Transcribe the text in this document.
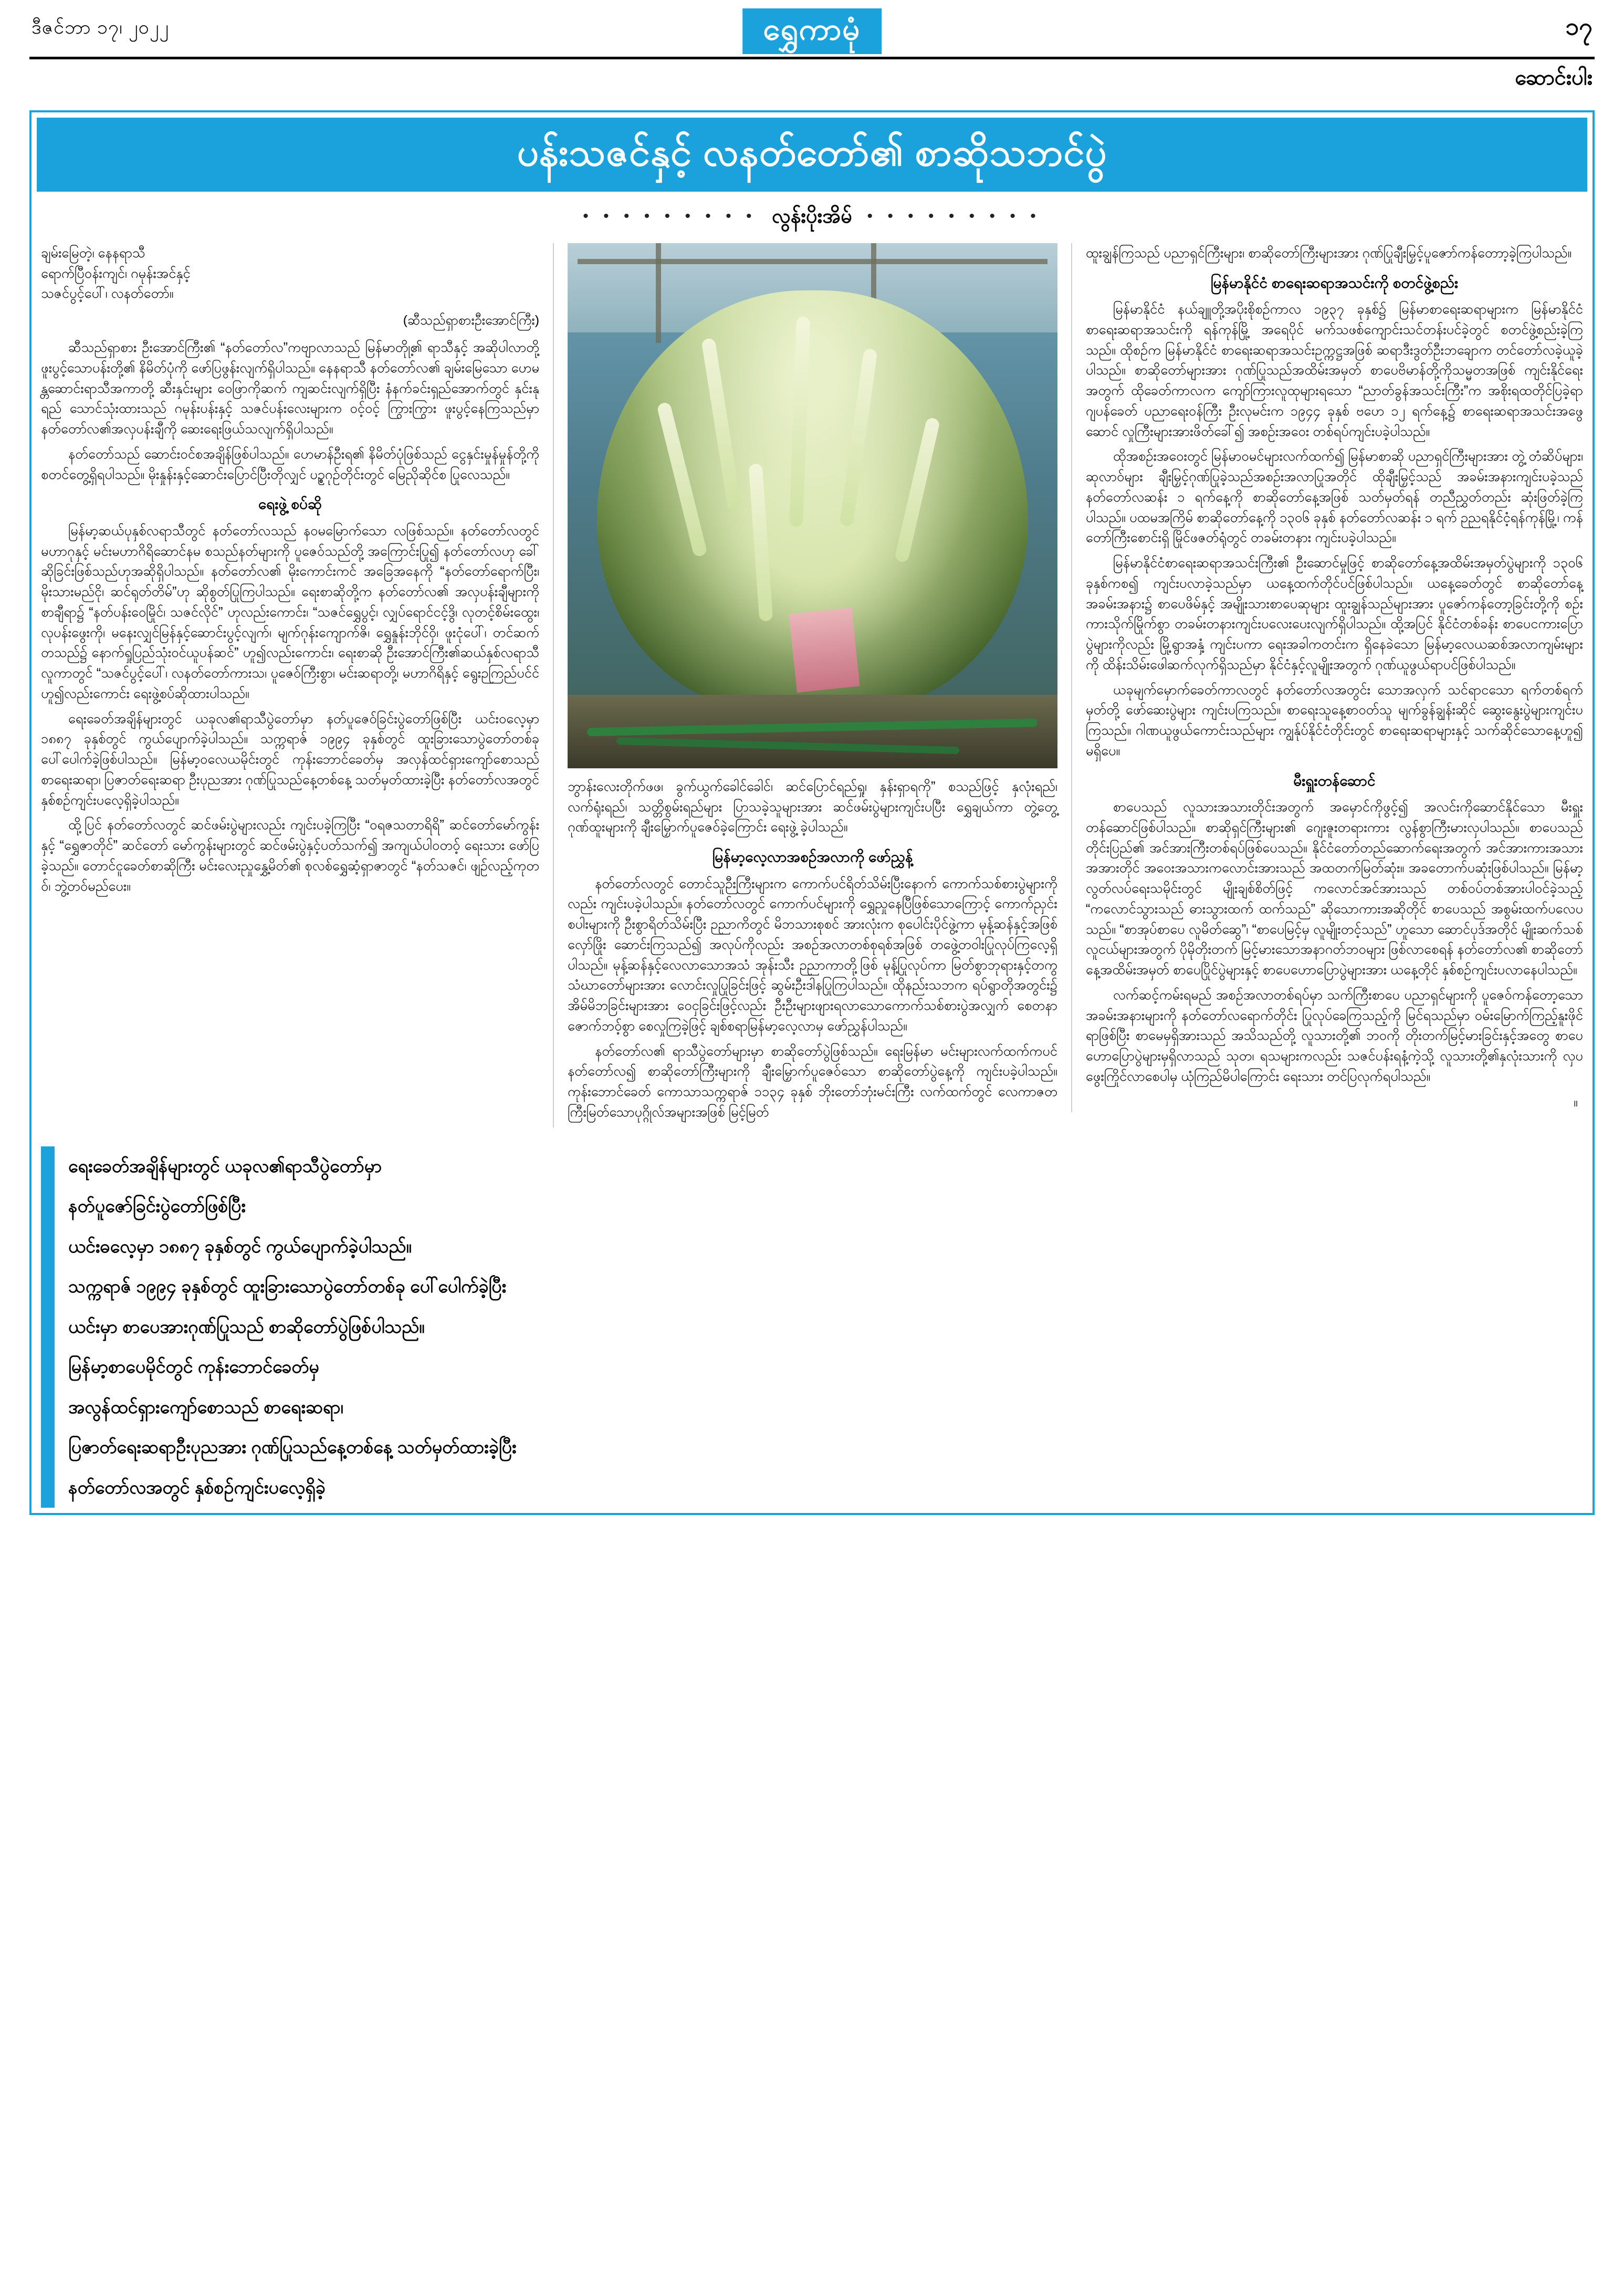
ဒီဇင်ဘာ ၁၇၊ ၂၀၂၂	ရွှေကာမုံ	၁၇
ဆောင်းပါး
ပန်းသဇင်နှင့် လနတ်တော်၏ စာဆိုသဘင်ပွဲ
• • • • • • • • • လွန်းပိုးအိမ် • • • • • • • • •
ချမ်းမြေတဲ့၊ နေနရာသီ
ရောက်ပြီဝန်းကျင်၊ ဂမုန်းအင်နှင့်
သဇင်ပွင့်ပေါ်၊ လနတ်တော်။
(ဆီသည်ရှာစားဦးအောင်ကြီး)

ဆီသည်ရှာစား ဦးအောင်ကြီး၏ “နတ်တော်လ”ကဗျာလာသည် မြန်မာတိုု့၏ ရာသီနှင့် အဆိုပါလာတို့ ဖူးပွင့်သောပန်းတို့၏ နိမိတ်ပုံကို ဖော်ပြဖွန်းလျက်ရှိပါသည်။ နေနရာသီ နတ်တော်လ၏ ချမ်းမြေသော ဟေမန္တဆောင်းရာသီအကာတို့ ဆီးနှင်းများ ဝေဖြာကိုဆက် ကျဆင်းလျက်ရှိပြီး နံနက်ခင်းရှည်အောက်တွင် နှင်းနုရည် သောင်သုံးထားသည် ဂမုန်းပန်းနှင့် သဇင်ပန်းလေးများက ဝင့်ဝင့် ကြွားကြွား ဖူးပွင့်နေကြသည်မှာ နတ်တော်လ၏အလှပန်းချီကို ဆေးရေးဖြယ်သလျက်ရှိပါသည်။

နတ်တော်သည် ဆောင်းဝင်စအချိန်ဖြစ်ပါသည်။ ဟေမာန်ဦးရ၏ နိမိတ်ပုံဖြစ်သည် ငွေနှင်းမှုန်မှုန်တို့ကို စတင်တွေ့ရှိရပါသည်။ မိုးနှုန်းနှင့်ဆောင်းပြောင်ပြီးတိုလျှင် ပဉ္စဂုဉ်တိုင်းတွင် မြေညိုဆိုင်စ ပြုလေသည်။

ရေးဖွဲ့ စပ်ဆို

မြန်မာ့ဆယ်ပုနှစ်လရာသီတွင် နတ်တော်လသည် နဝမမြောက်သော လဖြစ်သည်။ နတ်တော်လတွင် မဟာဂုနှင့် မင်းမဟာဂိရိဆောင်နမ စသည်နတ်များကို ပူဇေဝ်သည်တို့ အကြောင်းပြု၍ နတ်တော်လဟု ခေါ်ဆိုခြင်းဖြစ်သည်ဟုအဆိုရှိပါသည်။ နတ်တော်လ၏ မိုးကောင်းကင် အခြေအနေကို “နတ်တော်ရောက်ပြီး၊ မိုးသားမည်ငို၊ ဆင်ရုတ်တိမ်”ဟု ဆိုစွတ်ပြုကြပါသည်။ ရေးစာဆိုတို့က နတ်တော်လ၏ အလှပန်းချီများကို စာချီရာ၌ “နတ်ပန်းဝေမြိုင်၊ သဇင်လိုင်” ဟုလည်းကောင်း၊ “သဇင်ရွှေပွင့်၊ လျှပ်ရောင်ငင့်ဒွိ၊ လုတင့်စိမ်းထွေး၊ လုပန်းဖွေးကို၊ မနေးလျှင်မြန်နှင့်ဆောင်းပွင့်လျက်၊ မျက်ဂုန်းကျောက်ဇိ၊ ရွှေနှုန်းဘိုင်ဝှိ၊ ဖူးငုံပေါ်၊ တင်ဆက်တသည်၌ နောက်ရှုပြည်သုံးဝင်ယူပန်ဆင်” ဟူ၍လည်းကောင်း၊ ရေးစာဆို ဦးအောင်ကြီး၏ဆယ်နှစ်လရာသီ လူကာတွင် “သဇင်ပွင့်ပေါ်၊ လနတ်တော်ကားသ၊ ပူဇေဝ်ကြီးစွာ၊ မင်းဆရာတို့၊ မဟာဂိရိနှင့် ရွေးဉကြည်ပင်င် ဟူ၍လည်းကောင်း ရေးဖွဲ့စပ်ဆိုထားပါသည်။

ရေးခေတ်အချိန်များတွင် ယခုလ၏ရာသီပွဲတော်မှာ နတ်ပူဇေဝ်ခြင်းပွဲတော်ဖြစ်ပြီး ယင်းဝလေ့မှာ ၁၈၈၇ ခုနှစ်တွင် ကွယ်ပျောက်ခဲ့ပါသည်။ သက္ကရာဇ် ၁၉၉၄ ခုနှစ်တွင် ထူးခြားသောပွဲတော်တစ်ခု ပေါ်ပေါက်ခဲ့ဖြစ်ပါသည်။ မြန်မာ့ဝလေယမိုင်းတွင် ကုန်းဘောင်ခေတ်မှ အလှန်ထင်ရှားကျော်စောသည် စာရေးဆရာ၊ ပြဇာတ်ရေးဆရာ ဦးပုညအား ဂုဏ်ပြုသည်နေ့တစ်နေ့ သတ်မှတ်ထားခဲ့ပြီး နတ်တော်လအတွင် နှစ်စဉ်ကျင်းပလေ့ရှိခဲ့ပါသည်။

ထို့ပြင် နတ်တော်လတွင် ဆင်ဖမ်းပွဲများလည်း ကျင်းပခဲ့ကြပြီး “ဝရဇသတာရိရိ” ဆင်တော်မော်ကွန်းနှင့် “ရွှေဇာတိုင်” ဆင်တော် မော်ကွန်းများတွင် ဆင်ဖမ်းပွဲနှင့်ပတ်သက်၍ အကျယ်ပါဝတဝ့် ရေးသား ဖော်ပြခဲ့သည်။ တောင်ငူခေတ်စာဆိုကြီး မင်းလေးညှုနွှေ့မိတ်၏ စုလစ်ရွှေဆံ့ရှာဇာတွင် “နတ်သဇင်၊ ဖျဉ်လည့်ကုတဝ်၊ ဘွဲ့တဝ်မည်ပေး။

ဘွာန်းလေးတိုက်ဖဖ၊ ခွက်ယွက်ခေါင်ခေါင်၊ ဆင်ပြောင်ရည်ရှု၊ နှန်းရှာရကို” စသည်ဖြင့် နှလုံးရည်၊ လက်ရုံးရည်၊ သတ္တိစွမ်းရည်များ ပြာသခဲ့သူများအား ဆင်ဖမ်းပွဲများကျင်းပပြီး ရွှေချယ်ကာ တွဲ့တွေ့ဂုဏ်ထူးများကို ချီးမြှောက်ပူဇေဝ်ခဲ့ကြောင်း ရေးဖွဲ့ ခဲ့ပါသည်။

မြန်မာ့လေ့လာအစဉ်အလာကို ဖော်ညွှန့်

နတ်တော်လတွင် တောင်သူဉီးကြီးများက ကောက်ပင်ရိတ်သိမ်းပြီးနောက် ကောက်သစ်စားပွဲများကိုလည်း ကျင်းပခဲ့ပါသည်။ နတ်တော်လတွင် ကောက်ပင်များကို ရွှေညှုနေပြီဖြစ်သောကြောင့် ကောက်ညှင်းစပါးများကို ဦးစွာရိတ်သိမ်းပြီး ဉညာကိတွင် မိဘသားစုစင် အားလုံးက စုပေါင်းပိုင်ဖွဲ့ကာ မုန့်ဆန်နှင့်အဖြစ် လှော်ဖြိုး ဆောင်းကြသည်၍ အလုပ်ကိုလည်း အစဉ်အလာတစ်စုရစ်အဖြစ် တဖွေဲ့တဝါးပြုလုပ်ကြလေ့ရှိပါသည်။ မုန့်ဆန်နှင့်လေလာသောအသံ အုန်းသီး ဉညာကာတို့ဖြစ် မုန့်ပြုလုပ်ကာ မြတ်စွာဘုရားနှင့်တကွ သံဃာတော်များအား လောင်းလှုပြုခြင်းဖြင့် ဆွမ်းဦးဒါနပြုကြပါသည်။ ထိုနည်းသဘက ရပ်ရွာတိုအတွင်း၌ အိမ်မိဘခြင်းများအား ဝေငှခြင်းဖြင့်လည်း ဦးဦးများဖျားရလာသောကောက်သစ်စားပွဲအလျှက် စေတနာဇောက်ဘဝ့်စွာ စေလှုကြခဲ့ဖြင့် ချစ်စရာမြန်မာ့လေ့လာမှ ဖော်ညွှန်ပါသည်။

နတ်တော်လ၏ ရာသီပွဲတော်များမှာ စာဆိုတော်ပွဲဖြစ်သည်။ ရေးမြန်မာ မင်းများလက်ထက်ကပင် နတ်တော်လ၍ စာဆိုတော်ကြီးများကို ချီးမြှောက်ပူဇေဝ်သော စာဆိုတော်ပွဲနေ့ကို ကျင်းပခဲ့ပါသည်။ ကုန်းဘောင်ခေတ် ကောသာသက္ကရာဇ် ၁၁၃၄ ခုနှစ် ဘိုးတော်ဘုံးမင်းကြီး လက်ထက်တွင် လေကာဇတ ကြီးမြတ်သောပုဂ္ဂိုလ်အများအဖြစ် မြင့်မြတ်

ထူးချွန်ကြသည် ပညာရှင်ကြီးများ၊ စာဆိုတော်ကြီးများအား ဂုဏ်ပြုချီးမြှင့်ပူဇောာ်ကန်တောာ့ခဲ့ကြပါသည်။

မြန်မာနိုင်ငံ စာရေးဆရာအသင်းကို စတင်ဖွဲ့စည်း

မြန်မာနိုင်ငံ နယ်ချူတို့အပိုးစိုစဉ်ကာလ ၁၉၃၇ ခုနှစ်၌ မြန်မာစာရေးဆရာများက မြန်မာနိုင်ငံ စာရေးဆရာအသင်းကို ရန်ကုန်မြို့ အရေပိုင် မက်သဖစ်ကျောင်းသင်တန်းပင်ခဲ့တွင် စတင်ဖွဲ့စည်းခဲ့ကြသည်။ ထိုစဉ်က မြန်မာနိုင်ငံ စာရေးဆရာအသင်းဥက္ကဋ္ဌအဖြစ် ဆရာဒီးဒွတ်ဦးဘချောက တင်တော်လခဲ့ယူခဲ့ပါသည်။ စာဆိုတော်များအား ဂုဏ်ပြုသည်အထိမ်းအမှတ် စာပေဗိမာန်တို့ကိုသမ္မတအဖြစ် ကျင်းနိုင်ရေးအတွက် ထိုခေတ်ကာလက ကျော်ကြားလူထုများရသော “ညာတ်ခွန်အသင်းကြီး”က အစိုးရထတိုင်ပြခဲ့ရာ ဂျပန်ခေတ် ပညာရေးဝန်ကြီး ဦးလုမင်းက ၁၉၄၄ ခုနှစ် ဗဟေ ၁၂ ရက်နေ့၌ စာရေးဆရာအသင်းအဖွေဆောင် လှုကြီးများအားဖိတ်ခေါ်၍ အစဉ်းအဝေး တစ်ရပ်ကျင်းပခဲ့ပါသည်။

ထိုအစဉ်းအဝေးတွင် မြန်မာဝမင်များလက်ထက်၍ မြန်မာစာဆို ပညာရှင်ကြီးများအား တွဲ့ တံဆိပ်များ၊ ဆုလာဝ်များ ချီးမြှင့်ဂုဏ်ပြုခဲ့သည်အစဉ်းအလာပြုအတိုင် ထိုချီးမြှင့်သည် အခမ်းအနားကျင်းပခဲ့သည် နတ်တော်လဆန်း ၁ ရက်နေ့ကို စာဆိုတော်နေ့အဖြစ် သတ်မှတ်ရန် တညီညွှတ်တည်း ဆုံးဖြတ်ခဲ့ကြပါသည်။ ပထမအကြိမ် စာဆိုတော်နေ့ကို ၁၃၀၆ ခုနှစ် နတ်တော်လဆန်း ၁ ရက် ဉညရနိုင်ငံ့ရန်ကုန်မြို့၊ ကန်တော်ကြီးစောင်းရှိ မြိုင်ဖဇတ်ရုံတွင် တခမ်းတနား ကျင်းပခဲ့ပါသည်။

မြန်မာနိုင်ငံစာရေးဆရာအသင်းကြီး၏ ဦးဆောင်မှုဖြင့် စာဆိုတော်နေ့အထိမ်းအမှတ်ပွဲများကို ၁၃၀၆ ခုနှစ်ကစ၍ ကျင်းပလာခဲ့သည်မှာ ယနေ့ထက်တိုင်ပင်ဖြစ်ပါသည်။ ယနေ့ခေတ်တွင် စာဆိုတော်နေ့ အခမ်းအနား၌ စာပေဖိမ်နှင့် အမျိုးသားစာပေဆုများ ထူးချွန်သည်များအား ပူဇော်ကန်တော့ခြင်းတို့ကို စဉ်းကားသိုက်မြိုက်စွာ တခမ်းတနားကျင်းပလေးပေးလျက်ရှိပါသည်။ ထို့အပြင် နိုင်ငံတစ်ခန်း စာပေငကားပြောပွဲများကိုလည်း မြို့ရွာအနှံ့ ကျင်းပကာ ရေးအခါကတင်းက ရှိနေခဲသော မြန်မာ့လေယဆစ်အလာကျမ်းများကို ထိန်းသိမ်းဖေါဆက်လုက်ရှိသည်မှာ နိုင်ငံနှင့်လူမျိုးအတွက် ဂုဏ်ယူဖွယ်ရာပင်ဖြစ်ပါသည်။

ယခုမျက်မှောက်ခေတ်ကာလတွင် နတ်တော်လအတွင်း သောအလှက် သင်ရာငသော ရက်တစ်ရက်မှတ်တို့ ဖော်ဆေးပွဲများ ကျင်းပကြသည်။ စာရေးသူနေ့စာဝတ်သူ မျက်ခွန်ချွန်းဆိုင် ဆွေးနွေးပွဲများကျင်းပကြသည်။ ဂါဏယူဖွယ်ကောင်းသည်များ ကျွန်ုပ်နိုင်ငံတိုင်းတွင် စာရေးဆရာများနှင့် သက်ဆိုင်သောနေ့ဟူ၍ မရှိပေ။

မီးရှူးတန်ဆောင်

စာပေသည် လူသားအသားတိုင်းအတွက် အမှောင်ကိုဖွင့်၍ အလင်းကိုဆောင်နိုင်သော မီးရှူးတန်ဆောင်ဖြစ်ပါသည်။ စာဆိုရှင်ကြီးများ၏ ဂျေးဇူးတရားကား လွန်စွာကြီးမားလှပါသည်။ စာပေသည် တိုင်းပြည်၏ အင်အားကြီးတစ်ရပ်ဖြစ်ပေသည်။ နိုင်ငံတော်တည်ဆောက်ရေးအတွက် အင်အားကားအသားအအားတိုင် အဝေးအသားကလောင်းအားသည် အထတက်မြတ်ဆုံး။ အခတောက်ပဆုံးဖြစ်ပါသည်။ မြန်မာ့လွတ်လပ်ရေးသမိုင်းတွင် မျိုးချစ်စိတ်ဖြင့် ကလောင်အင်အားသည် တစ်ဝပ်တစ်အားပါဝင်ခဲ့သည့် “ကလောင်သွားသည် ဓားသွားထက် ထက်သည်” ဆိုသောကားအဆိုတိုင် စာပေသည် အစွမ်းထက်ပလေပသည်။ “စာအုပ်စာပေ လူမိတ်ဆွေ”၊ “စာပေမြင့်မှ လူမျိုးတင့်သည်” ဟူသော ဆောင်ပုဒ်အတိုင် မျိုးဆက်သစ်လူငယ်များအတွက် ပိုမိုတိုးတက် မြင့်မားသောအနာဂတ်ဘဝများ ဖြစ်လာစေရန် နတ်တော်လ၏ စာဆိုတော်နေ့အထိမ်းအမှတ် စာပေပြိုင်ပွဲများနှင့် စာပေဟောပြောပွဲများအား ယနေ့တိုင် နှစ်စဉ်ကျင်းပလာနေပါသည်။

လက်ဆင့်ကမ်းရမည် အစဉ်အလာတစ်ရပ်မှာ သက်ကြီးစာပေ ပညာရှင်များကို ပူဇေဝ်ကန်တော့သော အခမ်းအနားများကို နတ်တော်လရောက်တိုင်း ပြုလုပ်ခေကြသည့်ကို မြင်ရသည်မှာ ဝမ်းမြောက်ကြည့်နူးဖိုင်ရာဖြစ်ပြီး စာမေမှရှိအားသည် အသိသည်တို့ လူသားတို့၏ ဘဝကို တိုးတက်မြင့်မားခြင်းနှင့်အတွေ စာပေဟောပြောပွဲများမှရှိလာသည် သုတ၊ ရသများကလည်း သဇင်ပန်းရနံ့ကဲ့သို့ လူသားတို့၏နှလုံးသားကို လှပဖွေးကြိုင်လာစေပါမှ ယုံကြည်မိပါကြောင်း ရေးသား တင်ပြလုက်ရပါသည်။

။
ရေးခေတ်အချိန်များတွင် ယခုလ၏ရာသီပွဲတော်မှာ
နတ်ပူဇော်ခြင်းပွဲတော်ဖြစ်ပြီး
ယင်းဓလေ့မှာ ၁၈၈၇ ခုနှစ်တွင် ကွယ်ပျောက်ခဲ့ပါသည်။
သက္ကရာဇ် ၁၉၉၄ ခုနှစ်တွင် ထူးခြားသောပွဲတော်တစ်ခု ပေါ်ပေါက်ခဲ့ပြီး
ယင်းမှာ စာပေအားဂုဏ်ပြုသည် စာဆိုတော်ပွဲဖြစ်ပါသည်။
မြန်မာ့စာပေမိုင်တွင် ကုန်းဘောင်ခေတ်မှ
အလွန်ထင်ရှားကျော်စောသည် စာရေးဆရာ၊
ပြဇာတ်ရေးဆရာဦးပုညအား ဂုဏ်ပြုသည်နေ့တစ်နေ့ သတ်မှတ်ထားခဲ့ပြီး
နတ်တော်လအတွင် နှစ်စဉ်ကျင်းပလေ့ရှိခဲ့
